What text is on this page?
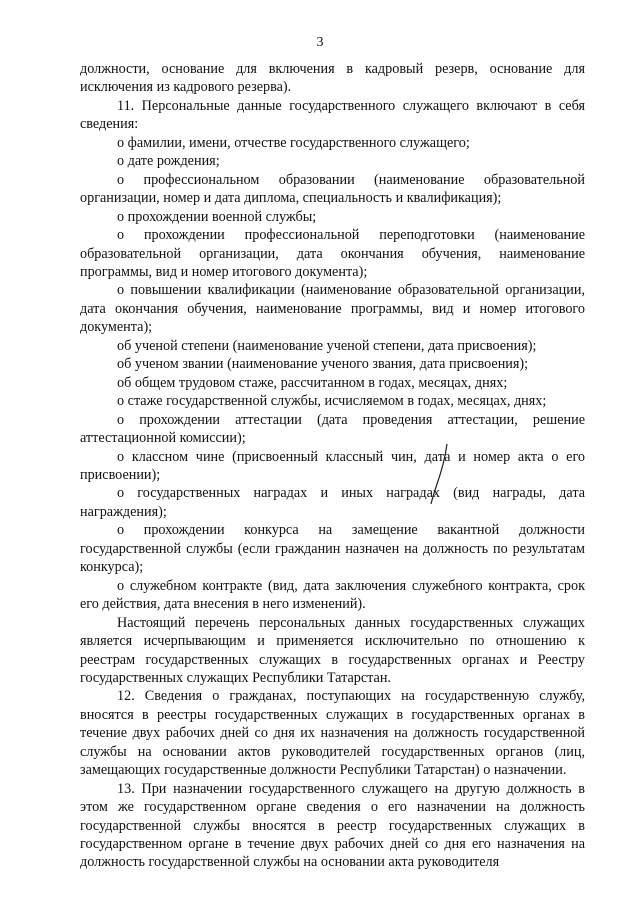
3

должности, основание для включения в кадровый резерв, основание для исключения из кадрового резерва).

11. Персональные данные государственного служащего включают в себя сведения:

о фамилии, имени, отчестве государственного служащего;

о дате рождения;

о профессиональном образовании (наименование образовательной организации, номер и дата диплома, специальность и квалификация);

о прохождении военной службы;

о прохождении профессиональной переподготовки (наименование образовательной организации, дата окончания обучения, наименование программы, вид и номер итогового документа);

о повышении квалификации (наименование образовательной организации, дата окончания обучения, наименование программы, вид и номер итогового документа);

об ученой степени (наименование ученой степени, дата присвоения);

об ученом звании (наименование ученого звания, дата присвоения);

об общем трудовом стаже, рассчитанном в годах, месяцах, днях;

о стаже государственной службы, исчисляемом в годах, месяцах, днях;

о прохождении аттестации (дата проведения аттестации, решение аттестационной комиссии);

о классном чине (присвоенный классный чин, дата и номер акта о его присвоении);

о государственных наградах и иных наградах (вид награды, дата награждения);

о прохождении конкурса на замещение вакантной должности государственной службы (если гражданин назначен на должность по результатам конкурса);

о служебном контракте (вид, дата заключения служебного контракта, срок его действия, дата внесения в него изменений).

Настоящий перечень персональных данных государственных служащих является исчерпывающим и применяется исключительно по отношению к реестрам государственных служащих в государственных органах и Реестру государственных служащих Республики Татарстан.

12. Сведения о гражданах, поступающих на государственную службу, вносятся в реестры государственных служащих в государственных органах в течение двух рабочих дней со дня их назначения на должность государственной службы на основании актов руководителей государственных органов (лиц, замещающих государственные должности Республики Татарстан) о назначении.

13. При назначении государственного служащего на другую должность в этом же государственном органе сведения о его назначении на должность государственной службы вносятся в реестр государственных служащих в государственном органе в течение двух рабочих дней со дня его назначения на должность государственной службы на основании акта руководителя
